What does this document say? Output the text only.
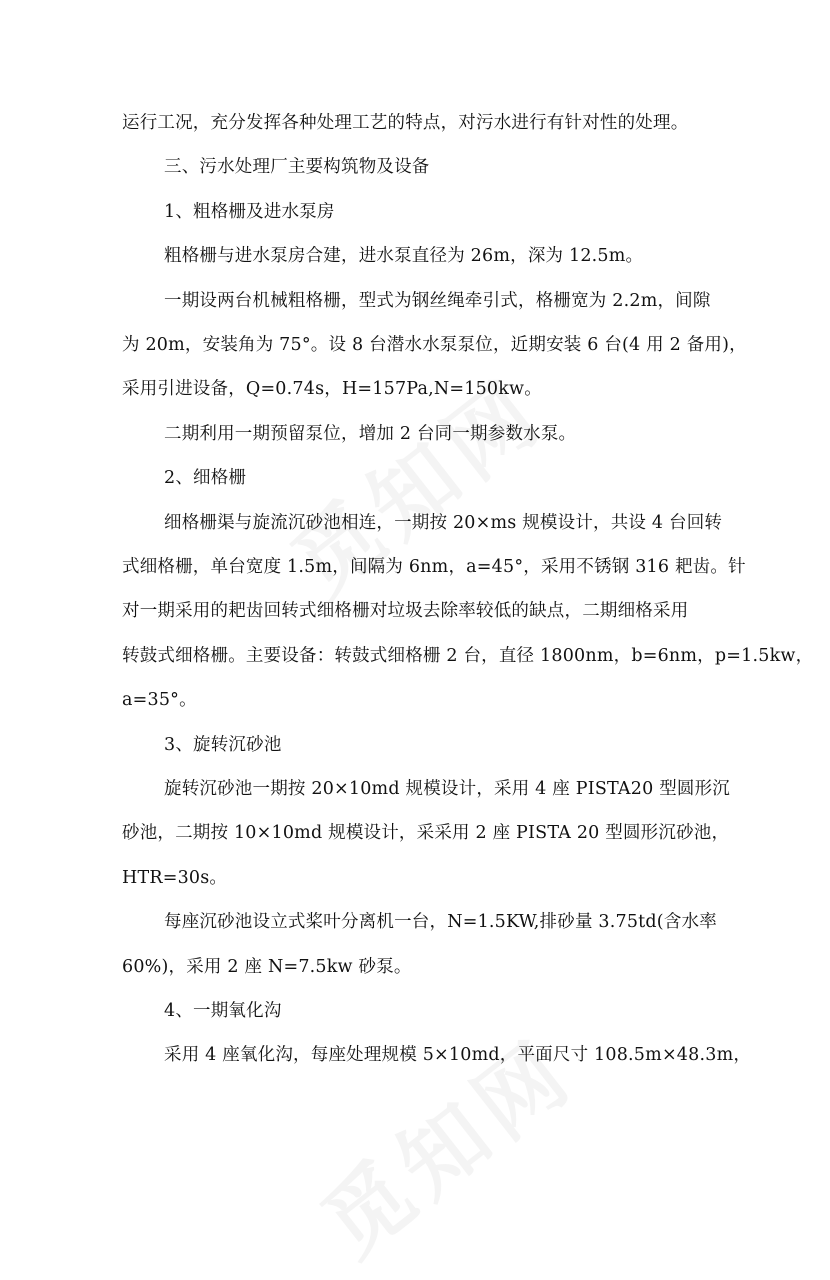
运行工况，充分发挥各种处理工艺的特点，对污水进行有针对性的处理。
三、污水处理厂主要构筑物及设备
1、粗格栅及进水泵房
粗格栅与进水泵房合建，进水泵直径为 26m，深为 12.5m。
一期设两台机械粗格栅，型式为钢丝绳牵引式，格栅宽为 2.2m，间隙
为 20m，安装角为 75°。设 8 台潜水水泵泵位，近期安装 6 台(4 用 2 备用)，
采用引进设备，Q=0.74s，H=157Pa,N=150kw。
二期利用一期预留泵位，增加 2 台同一期参数水泵。
2、细格栅
细格栅渠与旋流沉砂池相连，一期按 20×ms 规模设计，共设 4 台回转
式细格栅，单台宽度 1.5m，间隔为 6nm，a=45°，采用不锈钢 316 耙齿。针
对一期采用的耙齿回转式细格栅对垃圾去除率较低的缺点，二期细格采用
转鼓式细格栅。主要设备：转鼓式细格栅 2 台，直径 1800nm，b=6nm，p=1.5kw，
a=35°。
3、旋转沉砂池
旋转沉砂池一期按 20×10md 规模设计，采用 4 座 PISTA20 型圆形沉
砂池，二期按 10×10md 规模设计，采采用 2 座 PISTA 20 型圆形沉砂池，
HTR=30s。
每座沉砂池设立式桨叶分离机一台，N=1.5KW,排砂量 3.75td(含水率
60%)，采用 2 座 N=7.5kw 砂泵。
4、一期氧化沟
采用 4 座氧化沟，每座处理规模 5×10md，平面尺寸 108.5m×48.3m，
